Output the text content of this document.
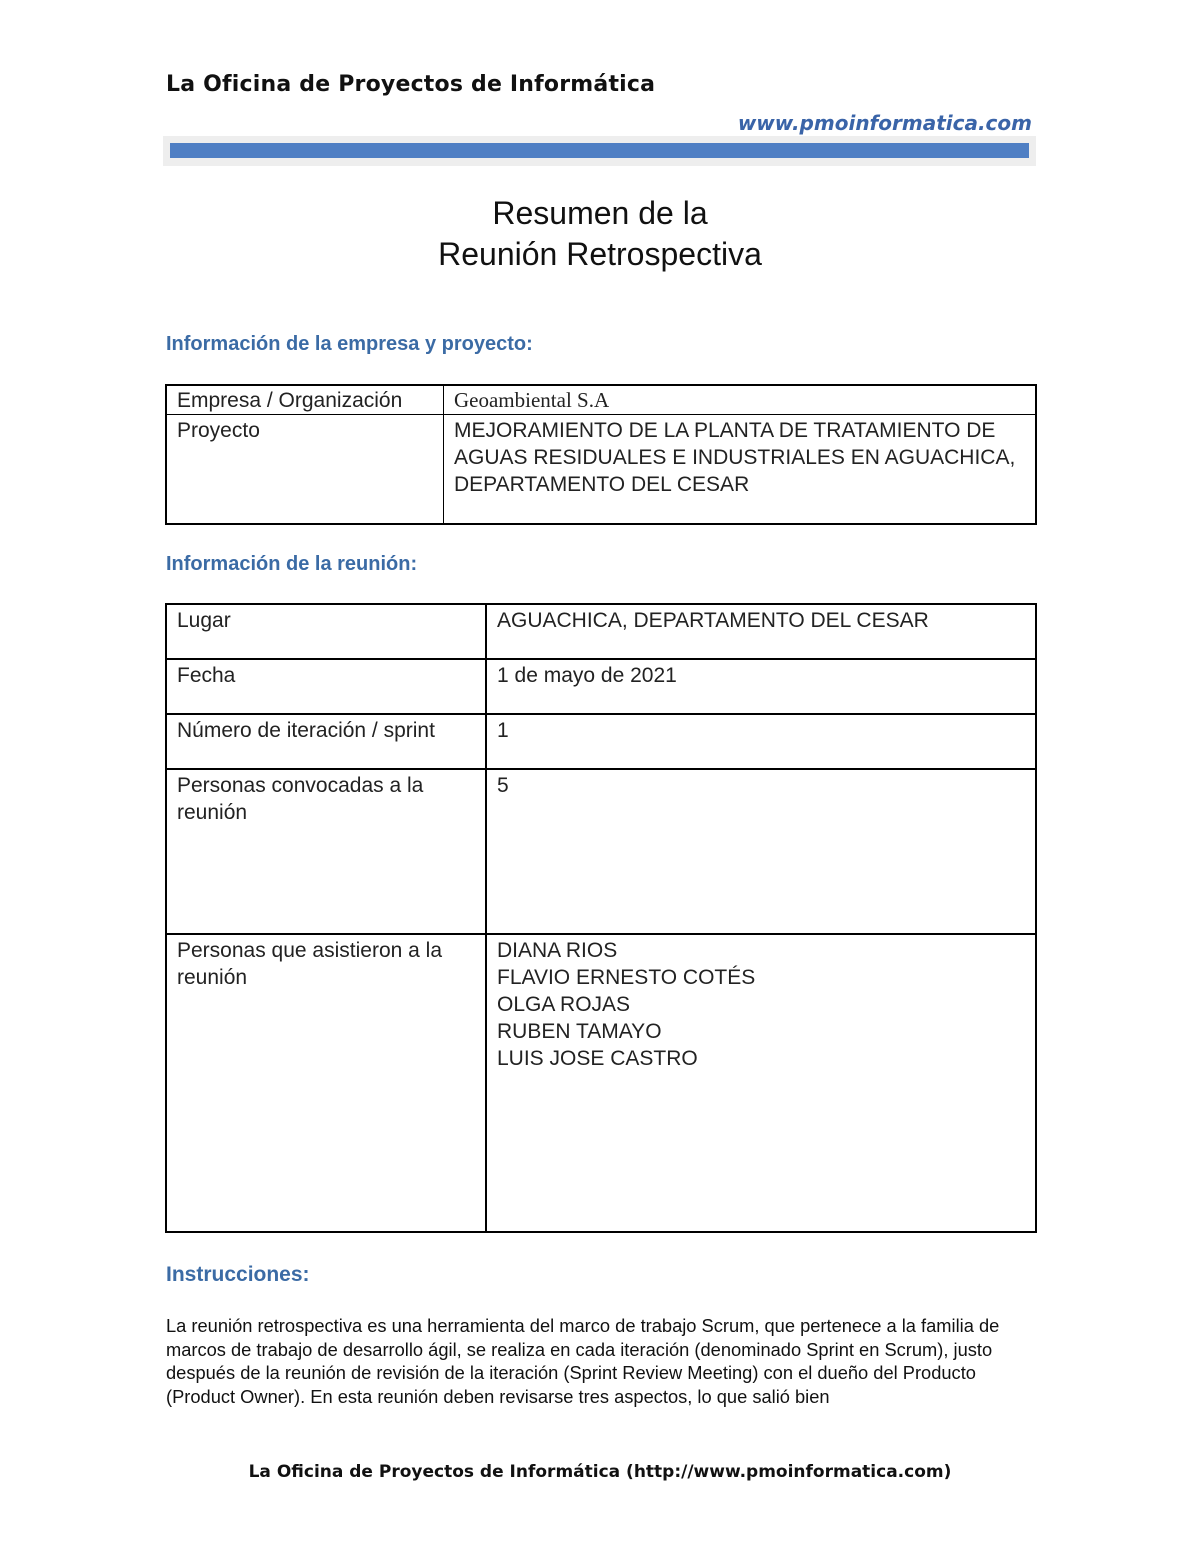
La Oficina de Proyectos de Informática
www.pmoinformatica.com
Resumen de la
Reunión Retrospectiva
Información de la empresa y proyecto:
Empresa / Organización	Geoambiental S.A
Proyecto	MEJORAMIENTO DE LA PLANTA DE TRATAMIENTO DE AGUAS RESIDUALES E INDUSTRIALES EN AGUACHICA, DEPARTAMENTO DEL CESAR
Información de la reunión:
Lugar	AGUACHICA, DEPARTAMENTO DEL CESAR
Fecha	1 de mayo de 2021
Número de iteración / sprint	1
Personas convocadas a la reunión	5
Personas que asistieron a la reunión	DIANA RIOS
FLAVIO ERNESTO COTÉS
OLGA ROJAS
RUBEN TAMAYO
LUIS JOSE CASTRO
Instrucciones:
La reunión retrospectiva es una herramienta del marco de trabajo Scrum, que pertenece a la familia de marcos de trabajo de desarrollo ágil, se realiza en cada iteración (denominado Sprint en Scrum), justo después de la reunión de revisión de la iteración (Sprint Review Meeting) con el dueño del Producto (Product Owner). En esta reunión deben revisarse tres aspectos, lo que salió bien
La Oficina de Proyectos de Informática (http://www.pmoinformatica.com)
